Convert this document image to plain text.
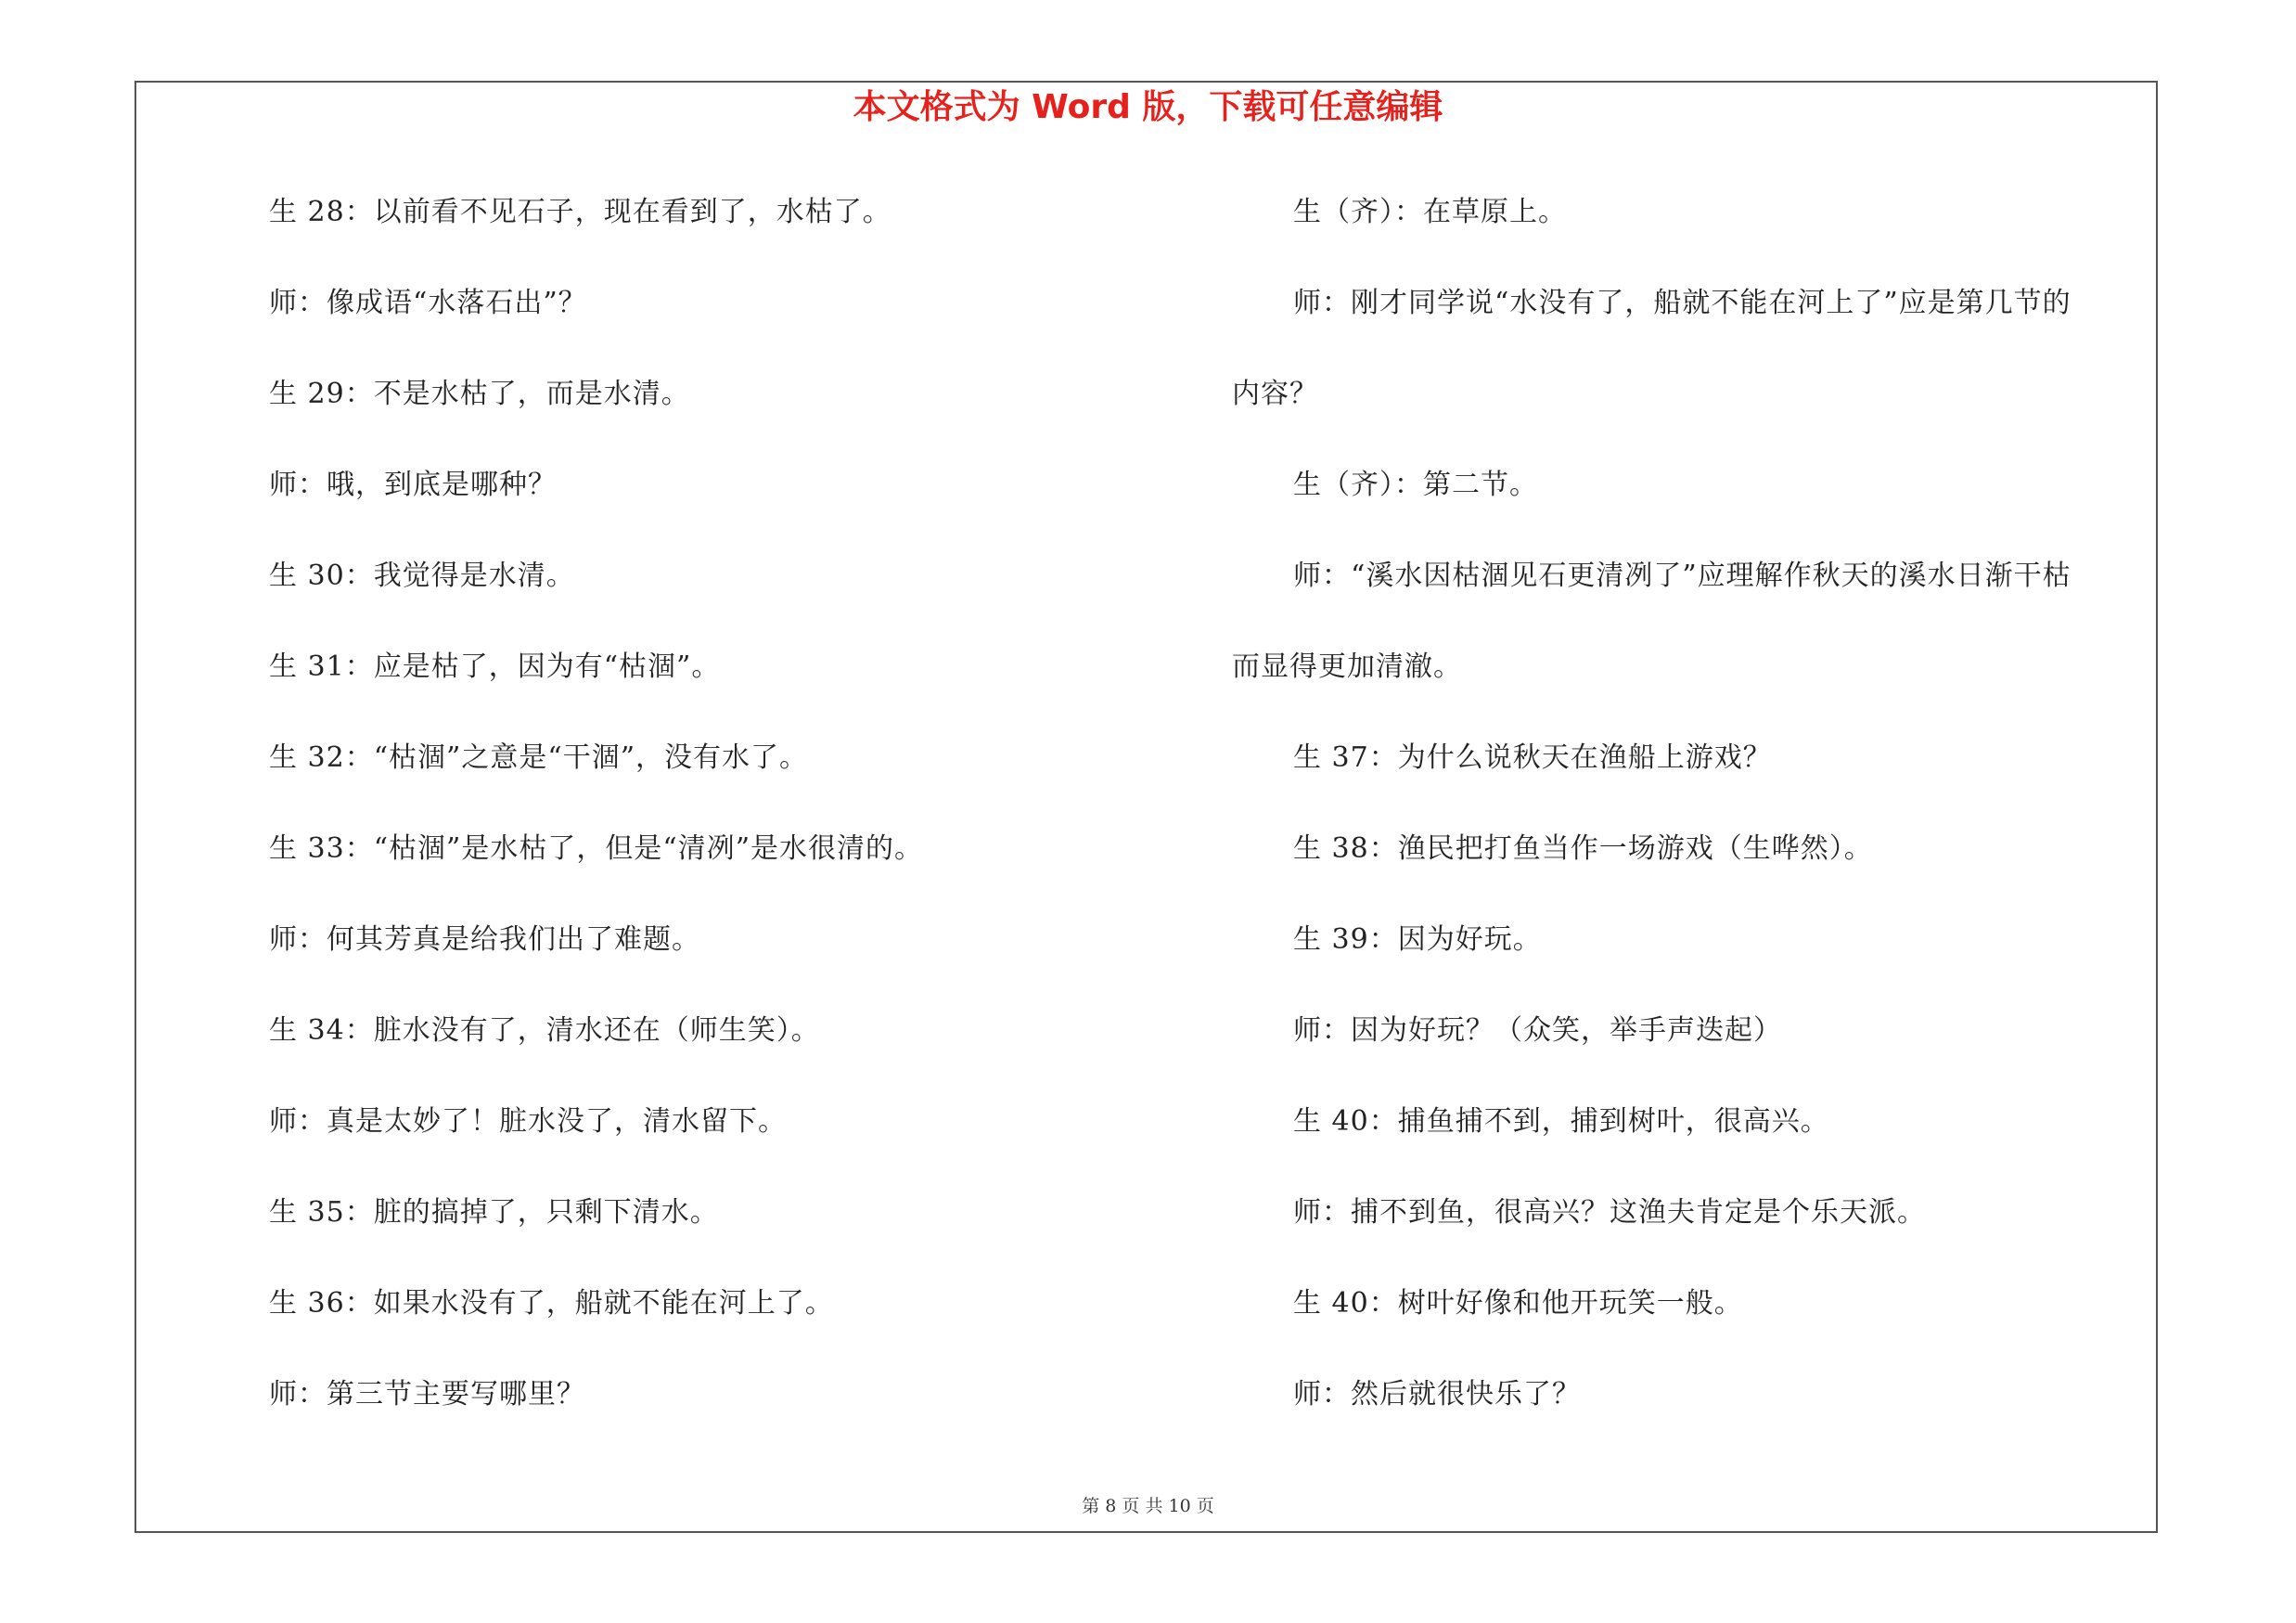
本文格式为 Word 版，下载可任意编辑
生 28：以前看不见石子，现在看到了，水枯了。
师：像成语“水落石出”？
生 29：不是水枯了，而是水清。
师：哦，到底是哪种？
生 30：我觉得是水清。
生 31：应是枯了，因为有“枯涸”。
生 32：“枯涸”之意是“干涸”，没有水了。
生 33：“枯涸”是水枯了，但是“清冽”是水很清的。
师：何其芳真是给我们出了难题。
生 34：脏水没有了，清水还在（师生笑）。
师：真是太妙了！脏水没了，清水留下。
生 35：脏的搞掉了，只剩下清水。
生 36：如果水没有了，船就不能在河上了。
师：第三节主要写哪里？
生（齐）：在草原上。
师：刚才同学说“水没有了，船就不能在河上了”应是第几节的
内容？
生（齐）：第二节。
师：“溪水因枯涸见石更清冽了”应理解作秋天的溪水日渐干枯
而显得更加清澈。
生 37：为什么说秋天在渔船上游戏？
生 38：渔民把打鱼当作一场游戏（生哗然）。
生 39：因为好玩。
师：因为好玩？（众笑，举手声迭起）
生 40：捕鱼捕不到，捕到树叶，很高兴。
师：捕不到鱼，很高兴？这渔夫肯定是个乐天派。
生 40：树叶好像和他开玩笑一般。
师：然后就很快乐了？
第 8 页 共 10 页
